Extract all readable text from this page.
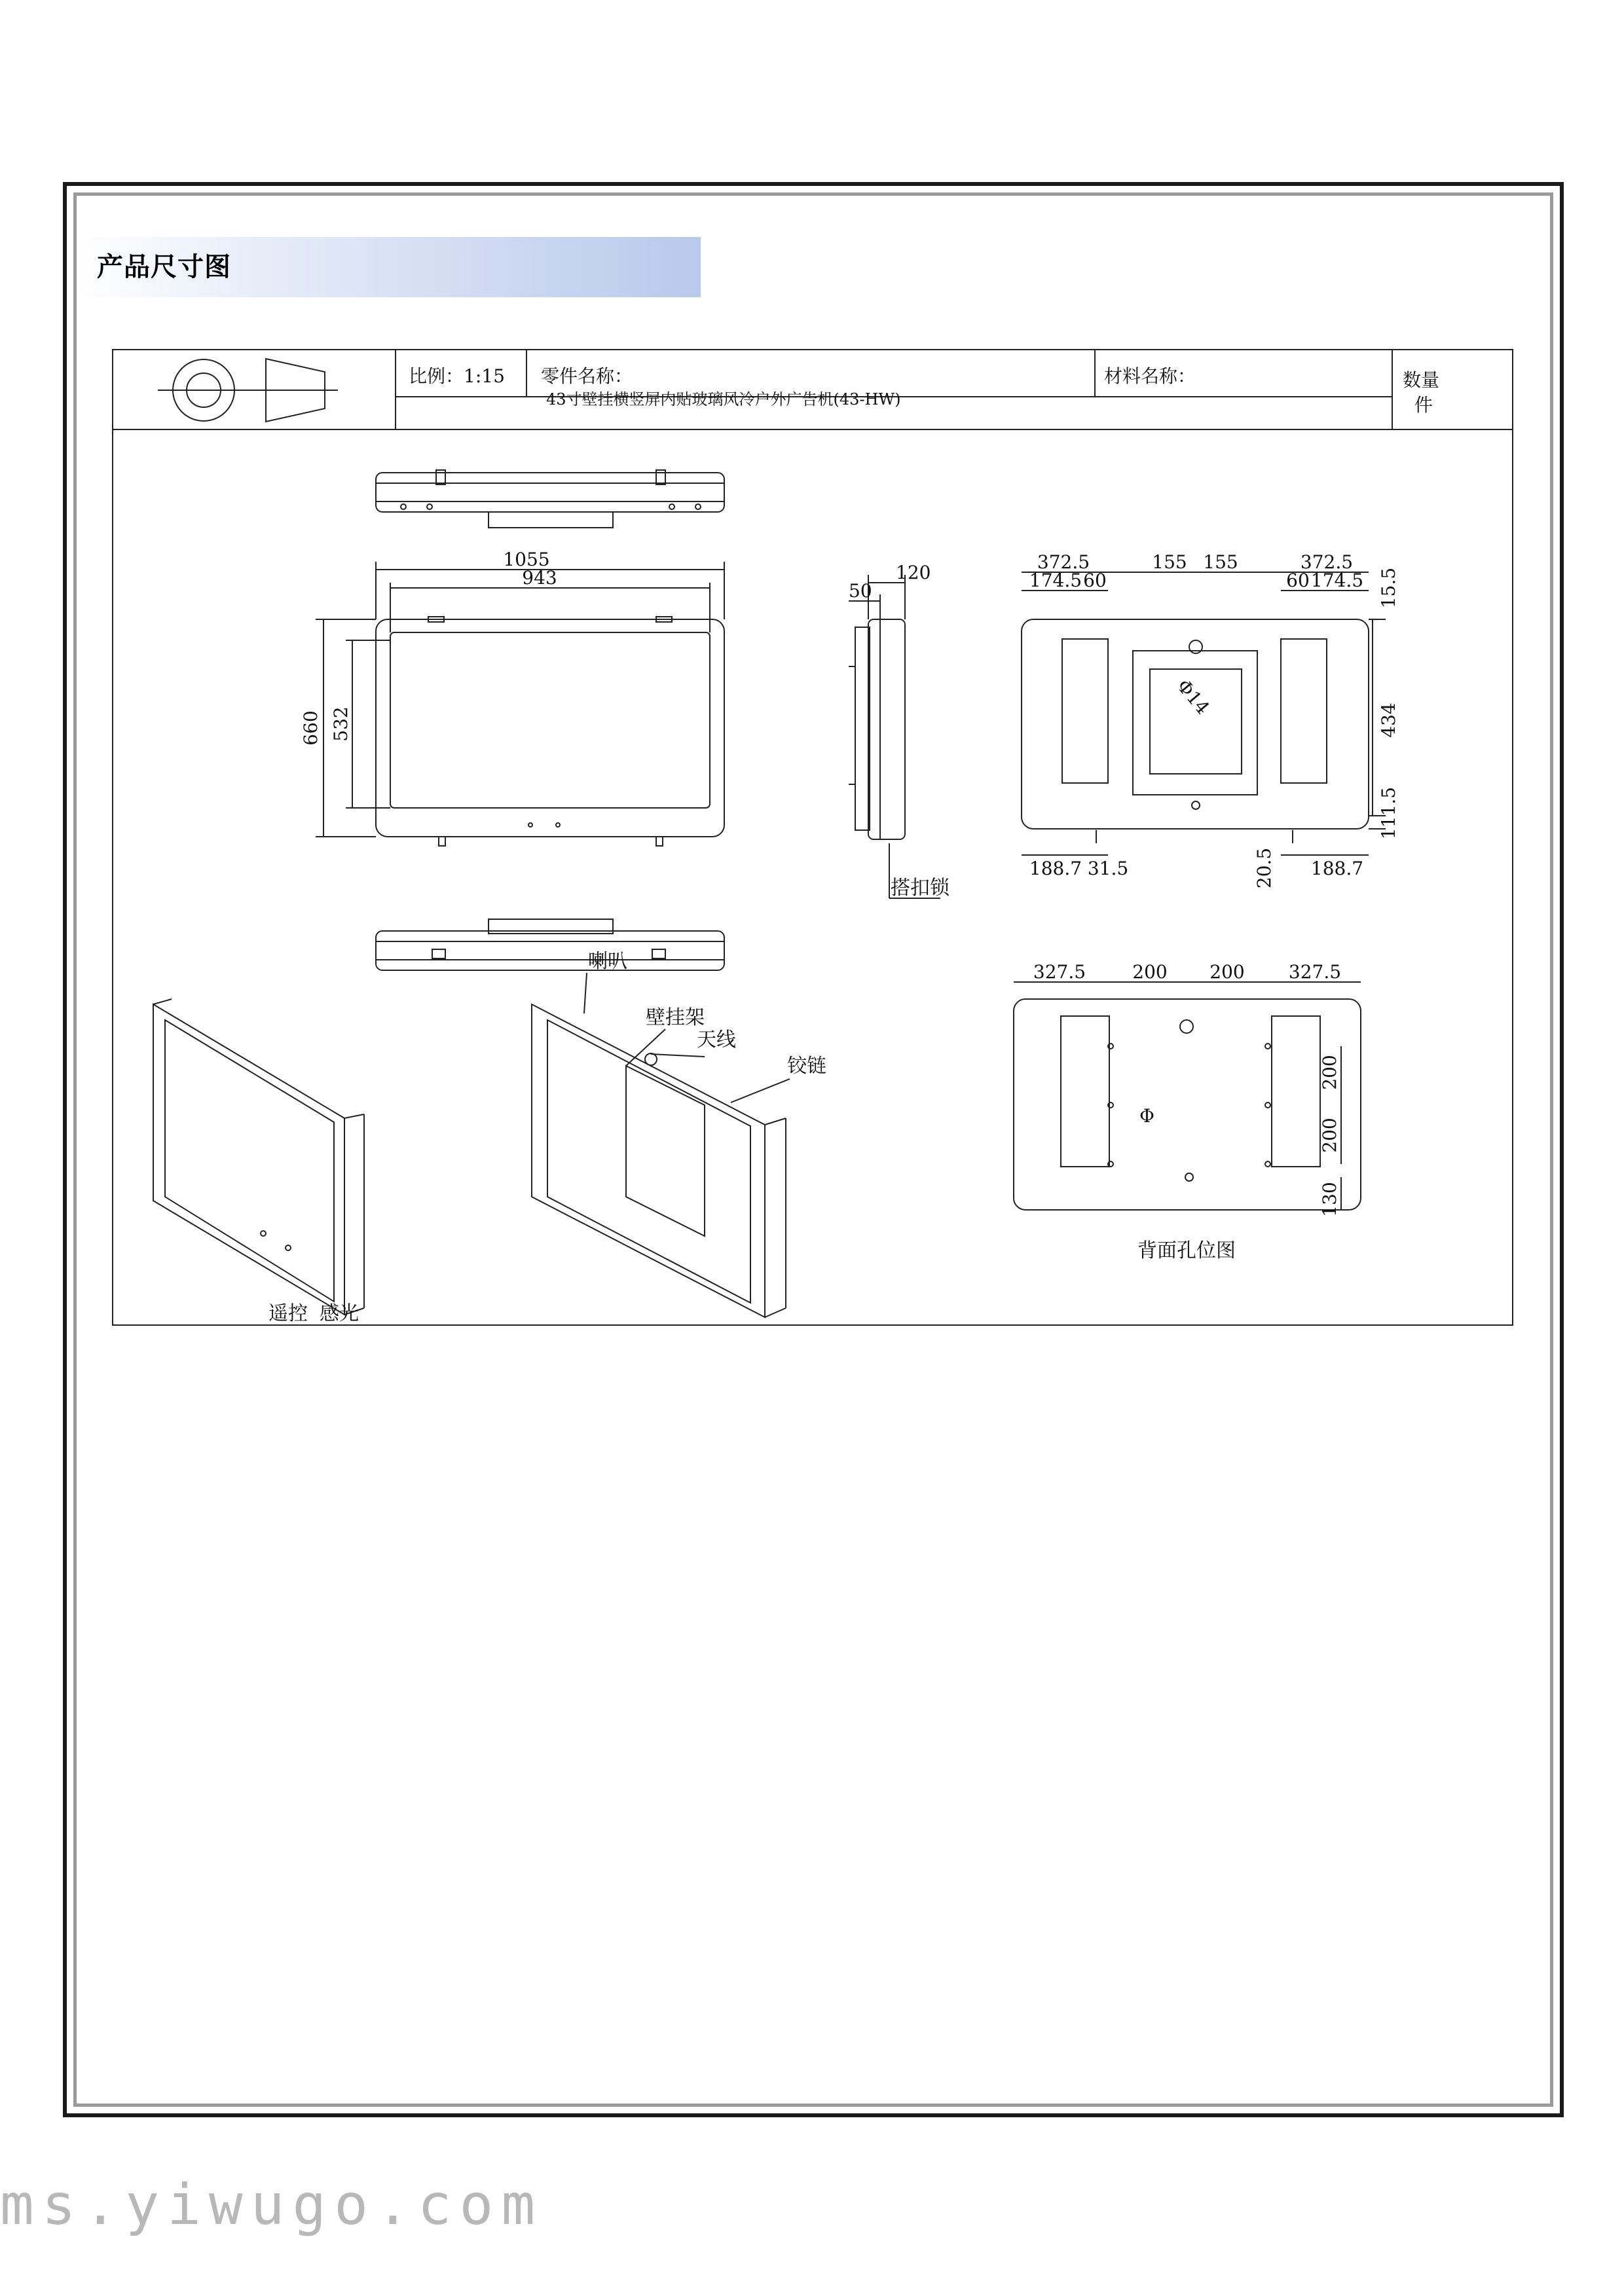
产品尺寸图
比例：1:15 零件名称：
43寸壁挂横竖屏内贴玻璃风冷户外广告机(43-HW)
材料名称：	数量
件
1055
943
660 532
120
50
搭扣锁
372.5	155 155	372.5
174.5 60	60 174.5 15.5
Φ14
434
111.5
188.7 31.5	20.5 188.7
327.5	200 200 327.5
200
200
130
Φ
背面孔位图
遥控 感光
喇叭
壁挂架
天线
铰链
ms.yiwugo.com
